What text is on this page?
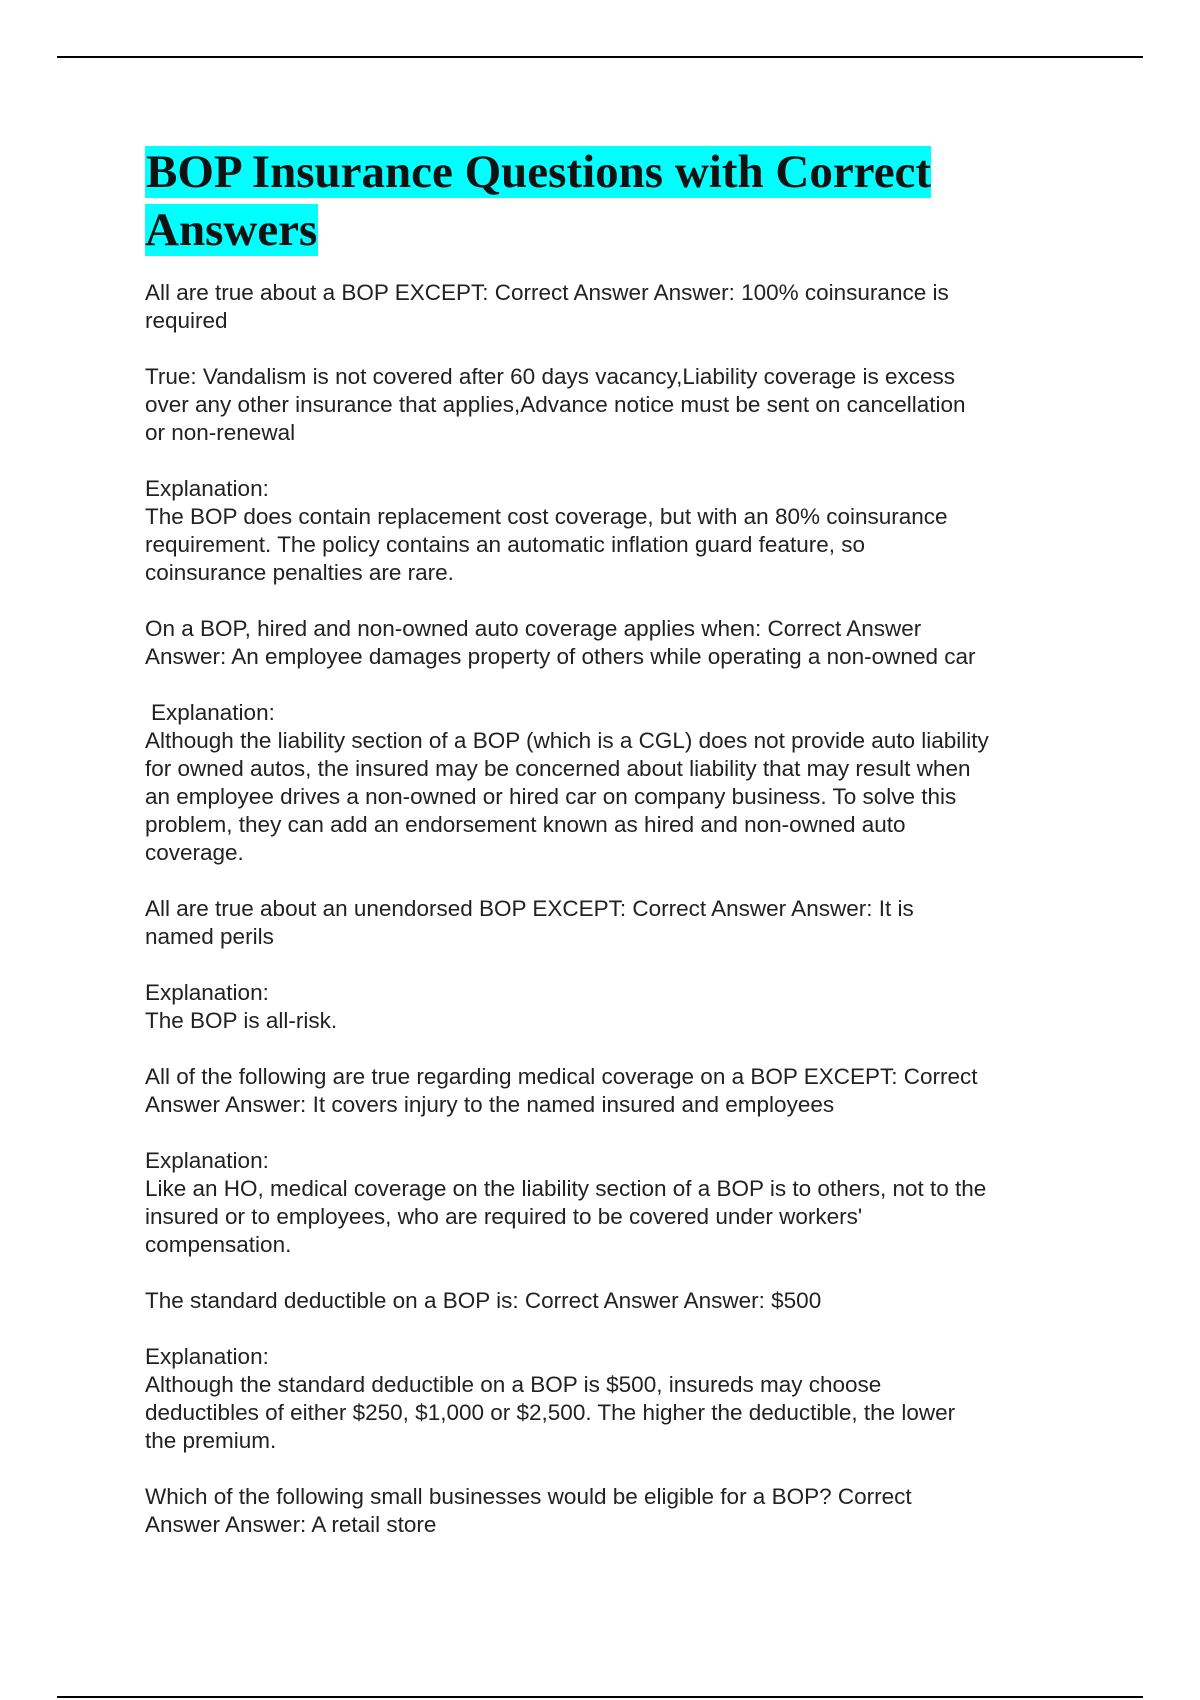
BOP Insurance Questions with Correct Answers

All are true about a BOP EXCEPT: Correct Answer Answer: 100% coinsurance is
required

True: Vandalism is not covered after 60 days vacancy,Liability coverage is excess
over any other insurance that applies,Advance notice must be sent on cancellation
or non-renewal

Explanation:
The BOP does contain replacement cost coverage, but with an 80% coinsurance
requirement. The policy contains an automatic inflation guard feature, so
coinsurance penalties are rare.

On a BOP, hired and non-owned auto coverage applies when: Correct Answer
Answer: An employee damages property of others while operating a non-owned car

Explanation:
Although the liability section of a BOP (which is a CGL) does not provide auto liability
for owned autos, the insured may be concerned about liability that may result when
an employee drives a non-owned or hired car on company business. To solve this
problem, they can add an endorsement known as hired and non-owned auto
coverage.

All are true about an unendorsed BOP EXCEPT: Correct Answer Answer: It is
named perils

Explanation:
The BOP is all-risk.

All of the following are true regarding medical coverage on a BOP EXCEPT: Correct
Answer Answer: It covers injury to the named insured and employees

Explanation:
Like an HO, medical coverage on the liability section of a BOP is to others, not to the
insured or to employees, who are required to be covered under workers'
compensation.

The standard deductible on a BOP is: Correct Answer Answer: $500

Explanation:
Although the standard deductible on a BOP is $500, insureds may choose
deductibles of either $250, $1,000 or $2,500. The higher the deductible, the lower
the premium.

Which of the following small businesses would be eligible for a BOP? Correct
Answer Answer: A retail store
